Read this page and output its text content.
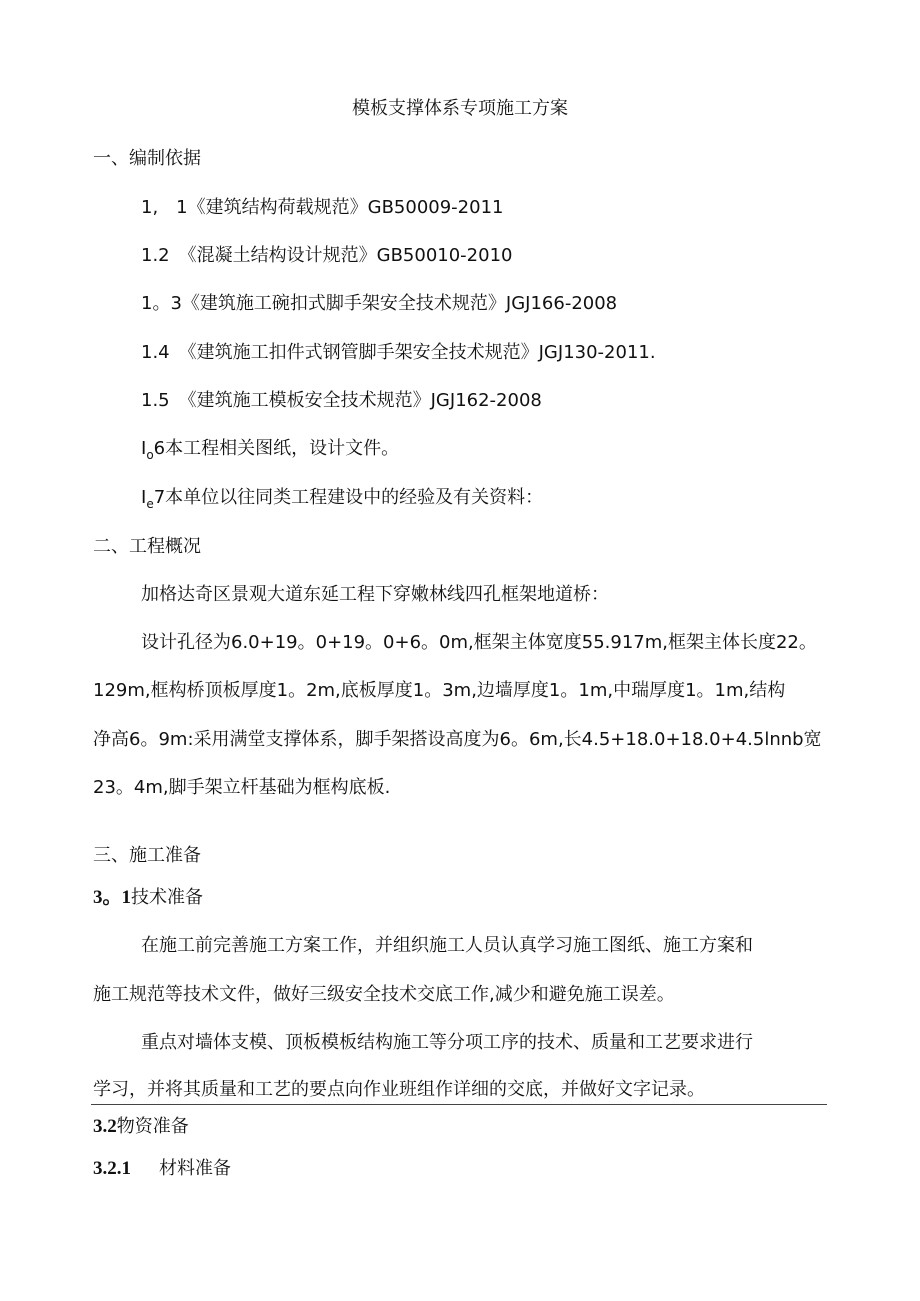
模板支撑体系专项施工方案
一、编制依据
1,　1《建筑结构荷载规范》GB50009-2011
1.2　《混凝土结构设计规范》GB50010-2010
1。3《建筑施工碗扣式脚手架安全技术规范》JGJ166-2008
1.4　《建筑施工扣件式钢管脚手架安全技术规范》JGJ130-2011.
1.5　《建筑施工模板安全技术规范》JGJ162-2008
$I_o6$本工程相关图纸，设计文件。
$I_e7$本单位以往同类工程建设中的经验及有关资料：
二、工程概况
加格达奇区景观大道东延工程下穿嫩林线四孔框架地道桥：
设计孔径为6.0+19。0+19。0+6。0m,框架主体宽度55.917m,框架主体长度22。
129m,框构桥顶板厚度1。2m,底板厚度1。3m,边墙厚度1。1m,中瑞厚度1。1m,结构
净高6。9m:采用满堂支撑体系，脚手架搭设高度为6。6m,长4.5+18.0+18.0+4.5lnnb宽
23。4m,脚手架立杆基础为框构底板.
三、施工准备
3。1技术准备
在施工前完善施工方案工作，并组织施工人员认真学习施工图纸、施工方案和
施工规范等技术文件，做好三级安全技术交底工作,减少和避免施工误差。
重点对墙体支模、顶板模板结构施工等分项工序的技术、质量和工艺要求进行
学习，并将其质量和工艺的要点向作业班组作详细的交底，并做好文字记录。
3.2物资准备
3.2.1 材料准备
